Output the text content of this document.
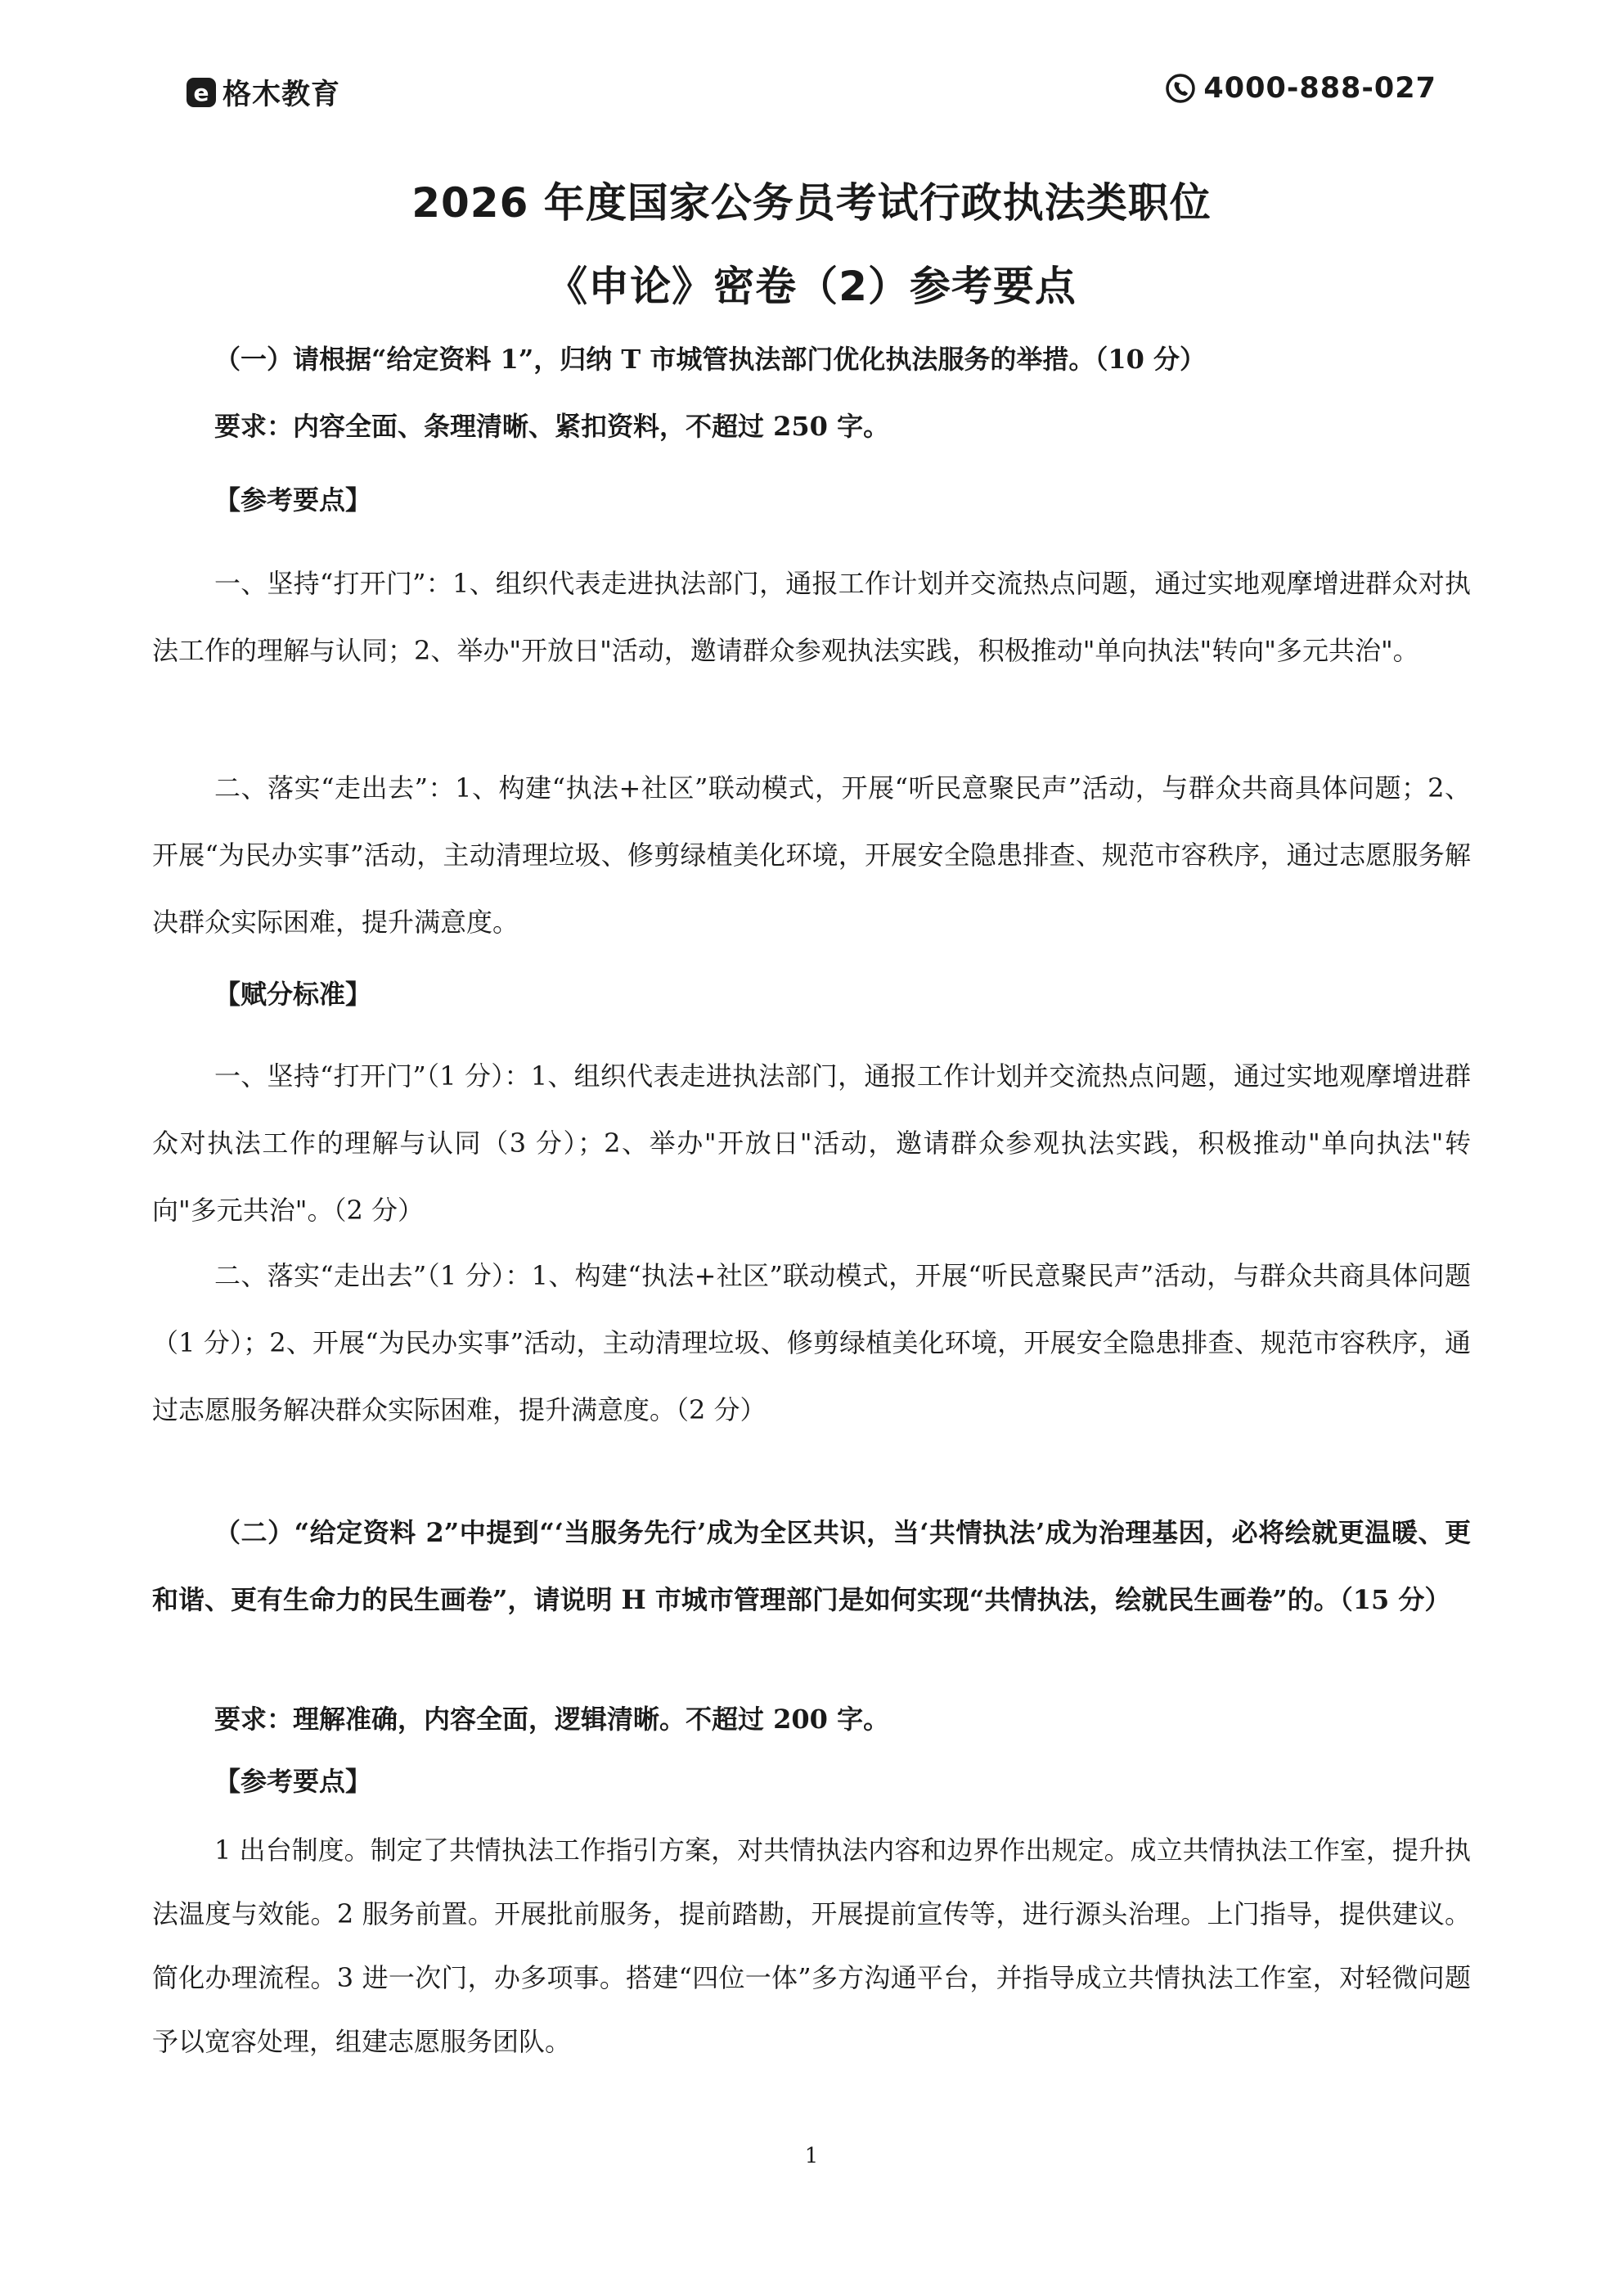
e 格木教育	4000-888-027
2026 年度国家公务员考试行政执法类职位
《申论》密卷（2）参考要点
（一）请根据“给定资料 1”，归纳 T 市城管执法部门优化执法服务的举措。（10 分）
要求：内容全面、条理清晰、紧扣资料，不超过 250 字。
【参考要点】
一、坚持“打开门”：1、组织代表走进执法部门，通报工作计划并交流热点问题，通过实地观摩增进群众对执法工作的理解与认同；2、举办"开放日"活动，邀请群众参观执法实践，积极推动"单向执法"转向"多元共治"。
二、落实“走出去”：1、构建“执法+社区”联动模式，开展“听民意聚民声”活动，与群众共商具体问题；2、开展“为民办实事”活动，主动清理垃圾、修剪绿植美化环境，开展安全隐患排查、规范市容秩序，通过志愿服务解决群众实际困难，提升满意度。
【赋分标准】
一、坚持“打开门”（1 分）：1、组织代表走进执法部门，通报工作计划并交流热点问题，通过实地观摩增进群众对执法工作的理解与认同（3 分）；2、举办"开放日"活动，邀请群众参观执法实践，积极推动"单向执法"转向"多元共治"。（2 分）
二、落实“走出去”（1 分）：1、构建“执法+社区”联动模式，开展“听民意聚民声”活动，与群众共商具体问题（1 分）；2、开展“为民办实事”活动，主动清理垃圾、修剪绿植美化环境，开展安全隐患排查、规范市容秩序，通过志愿服务解决群众实际困难，提升满意度。（2 分）
（二）“给定资料 2”中提到“‘当服务先行’成为全区共识，当‘共情执法’成为治理基因，必将绘就更温暖、更和谐、更有生命力的民生画卷”，请说明 H 市城市管理部门是如何实现“共情执法，绘就民生画卷”的。（15 分）
要求：理解准确，内容全面，逻辑清晰。不超过 200 字。
【参考要点】
1 出台制度。制定了共情执法工作指引方案，对共情执法内容和边界作出规定。成立共情执法工作室，提升执法温度与效能。2 服务前置。开展批前服务，提前踏勘，开展提前宣传等，进行源头治理。上门指导，提供建议。简化办理流程。3 进一次门，办多项事。搭建“四位一体”多方沟通平台，并指导成立共情执法工作室，对轻微问题予以宽容处理，组建志愿服务团队。
1
